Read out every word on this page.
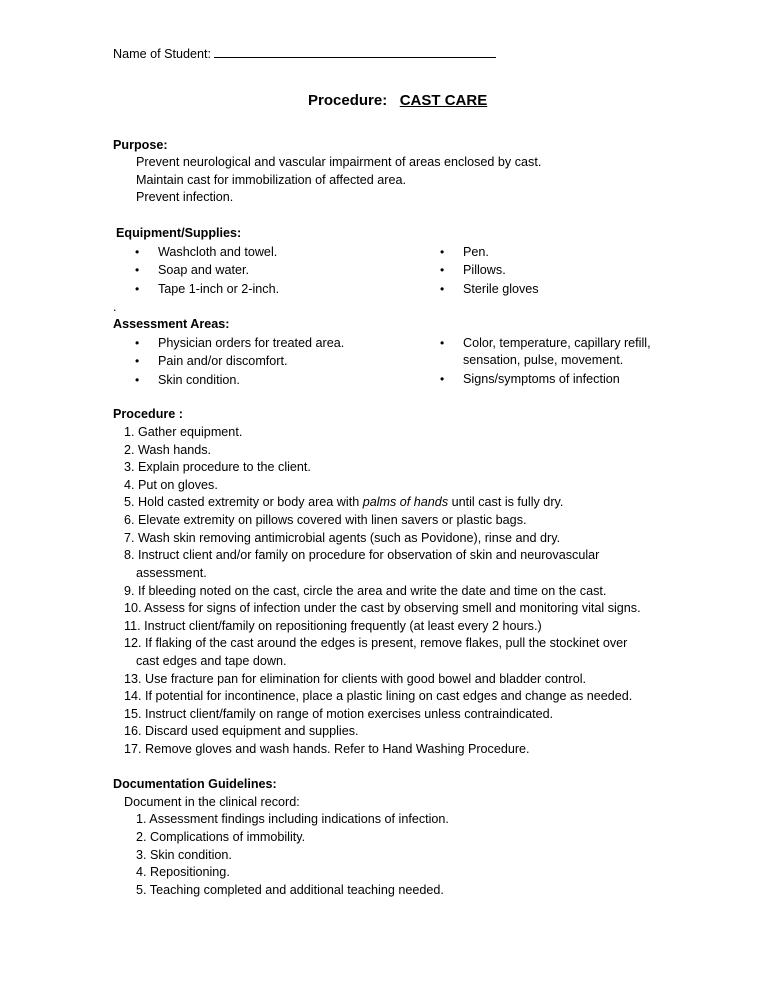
Name of Student:
Procedure: CAST CARE
Purpose:
Prevent neurological and vascular impairment of areas enclosed by cast.
Maintain cast for immobilization of affected area.
Prevent infection.
Equipment/Supplies:
• Washcloth and towel.
• Soap and water.
• Tape 1-inch or 2-inch.
• Pen.
• Pillows.
• Sterile gloves
.
Assessment Areas:
• Physician orders for treated area.
• Pain and/or discomfort.
• Skin condition.
• Color, temperature, capillary refill,
sensation, pulse, movement.
• Signs/symptoms of infection
Procedure :
1. Gather equipment.
2. Wash hands.
3. Explain procedure to the client.
4. Put on gloves.
5. Hold casted extremity or body area with palms of hands until cast is fully dry.
6. Elevate extremity on pillows covered with linen savers or plastic bags.
7. Wash skin removing antimicrobial agents (such as Povidone), rinse and dry.
8. Instruct client and/or family on procedure for observation of skin and neurovascular
assessment.
9. If bleeding noted on the cast, circle the area and write the date and time on the cast.
10. Assess for signs of infection under the cast by observing smell and monitoring vital signs.
11. Instruct client/family on repositioning frequently (at least every 2 hours.)
12. If flaking of the cast around the edges is present, remove flakes, pull the stockinet over
cast edges and tape down.
13. Use fracture pan for elimination for clients with good bowel and bladder control.
14. If potential for incontinence, place a plastic lining on cast edges and change as needed.
15. Instruct client/family on range of motion exercises unless contraindicated.
16. Discard used equipment and supplies.
17. Remove gloves and wash hands. Refer to Hand Washing Procedure.
Documentation Guidelines:
Document in the clinical record:
1. Assessment findings including indications of infection.
2. Complications of immobility.
3. Skin condition.
4. Repositioning.
5. Teaching completed and additional teaching needed.
